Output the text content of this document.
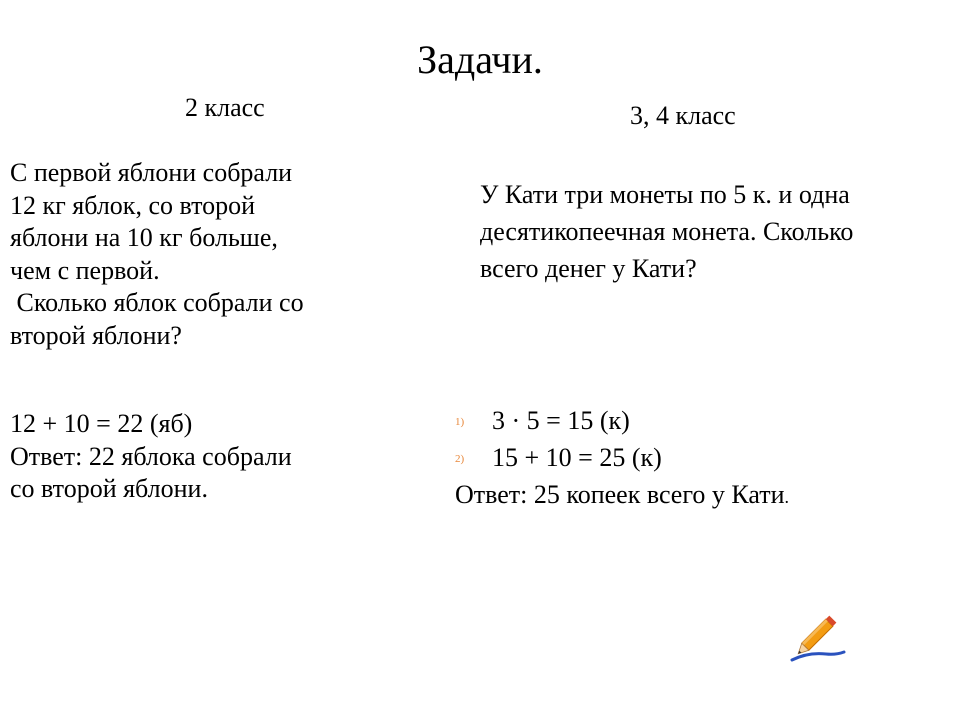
Задачи.
2 класс	3, 4 класс

С первой яблони собрали

12 кг яблок, со второй

яблони на 10 кг больше,

чем с первой.

Сколько яблок собрали со

второй яблони?

12 + 10 = 22 (яб)

Ответ: 22 яблока собрали

со второй яблони.

У Кати три монеты по 5 к. и одна
десятикопеечная монета. Сколько
всего денег у Кати?
1) 3 · 5 = 15 (к)
2) 15 + 10 = 25 (к)
Ответ: 25 копеек всего у Кати.
